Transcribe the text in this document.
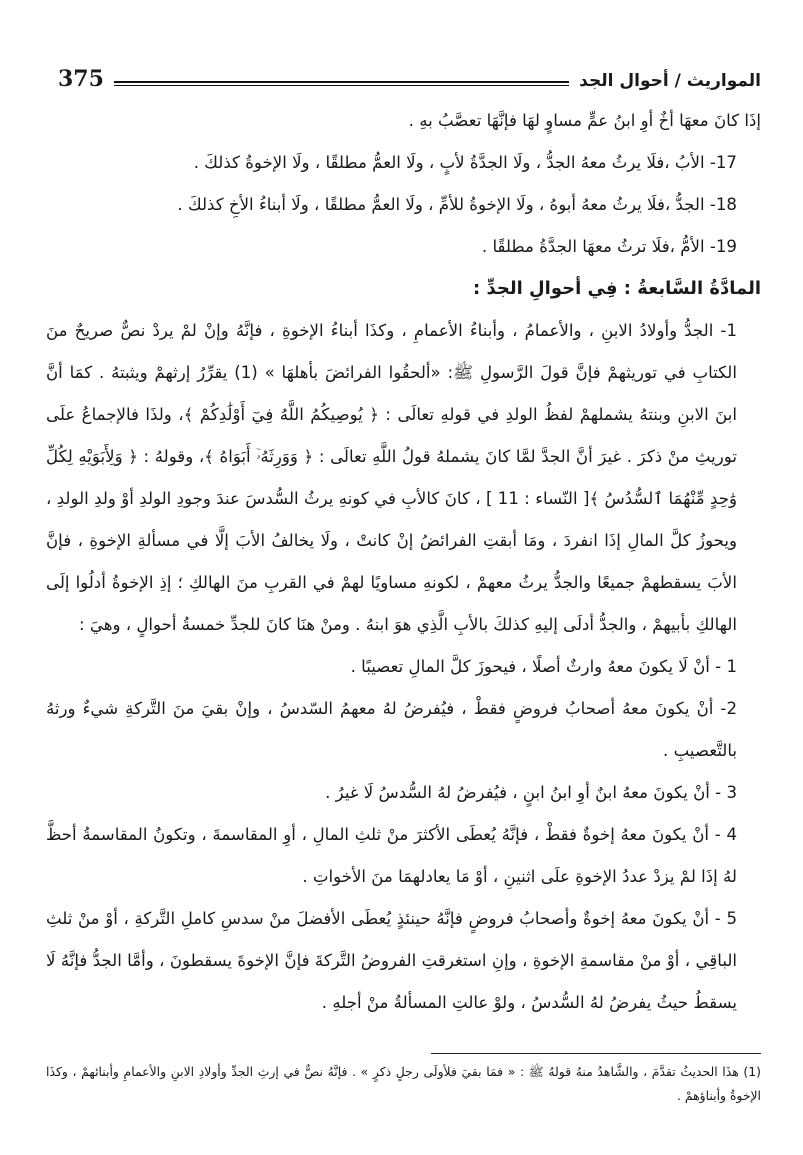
375	المواريث / أحوال الجد

إذَا كانَ معهَا أخٌ أوِ ابنُ عمٍّ مساوٍ لهَا فإنَّهَا تعصَّبُ بهِ .

17- الأبُ ،فلَا يرثُ معهُ الجدُّ ، ولَا الجدَّةُ لأبٍ ، ولَا العمُّ مطلقًا ، ولَا الإخوةُ كذلكَ .

18- الجدُّ ،فلَا يرثُ معهُ أبوهُ ، ولَا الإخوةُ للأمِّ ، ولَا العمُّ مطلقًا ، ولَا أبناءُ الأخِ كذلكَ .

19- الأمُّ ،فلَا ترثُ معهَا الجدَّةُ مطلقًا .

المادَّةُ السَّابعةُ : فِي أحوالِ الجدِّ :

1- الجدُّ وأولادُ الابنِ ، والأعمامُ ، وأبناءُ الأعمامِ ، وكذَا أبناءُ الإخوةِ ، فإنَّهُ وإنْ لمْ يردْ نصٌّ صريحٌ منَ الكتابِ في توريثهمْ فإنَّ قولَ الرَّسولِ ﷺ: «ألحقُوا الفرائضَ بأهلهَا » (1) يقرِّرُ إرثهمْ ويثبتهُ . كمَا أنَّ ابنَ الابنِ وبنتهُ يشملهمْ لفظُ الولدِ في قولهِ تعالَى : ﴿ يُوصِيكُمُ اللَّهُ فِيٓ أَوْلَٰدِكُمْ ﴾، ولذَا فالإجماعُ علَى توريثِ منْ ذكرَ . غيرَ أنَّ الجدَّ لمَّا كانَ يشملهُ قولُ اللَّهِ تعالَى : ﴿ وَوَرِثَهُۥٓ أَبَوَاهُ ﴾، وقولهُ : ﴿ وَلِأَبَوَيْهِ لِكُلِّ وَٰحِدٍ مِّنْهُمَا ٱلسُّدُسُ ﴾[ النّساء : 11 ] ، كانَ كالأبِ في كونهِ يرثُ السُّدسَ عندَ وجودِ الولدِ أوْ ولدِ الولدِ ، ويحوزُ كلَّ المالِ إذَا انفردَ ، ومَا أبقتِ الفرائضُ إنْ كانتْ ، ولَا يخالفُ الأبَ إلَّا في مسألةِ الإخوةِ ، فإنَّ الأبَ يسقطهمْ جميعًا والجدُّ يرثُ معهمْ ، لكونهِ مساويًا لهمْ في القربِ منَ الهالكِ ؛ إذِ الإخوةُ أدلُوا إلَى الهالكِ بأبيهمْ ، والجدُّ أدلَى إليهِ كذلكَ بالأبِ الَّذِي هوَ ابنهُ . ومنْ هنَا كانَ للجدِّ خمسةُ أحوالٍ ، وهيَ :

1 - أنْ لَا يكونَ معهُ وارثٌ أصلًا ، فيحوزَ كلَّ المالِ تعصيبًا .

2- أنْ يكونَ معهُ أصحابُ فروضٍ فقطْ ، فيُفرضُ لهُ معهمُ السّدسُ ، وإنْ بقيَ منَ التَّركةِ شيءٌ ورثهُ بالتَّعصيبِ .

3 - أنْ يكونَ معهُ ابنٌ أوِ ابنُ ابنٍ ، فيُفرضُ لهُ السُّدسُ لَا غيرُ .

4 - أنْ يكونَ معهُ إخوةٌ فقطْ ، فإنَّهُ يُعطَى الأكثرَ منْ ثلثِ المالِ ، أوِ المقاسمةَ ، وتكونُ المقاسمةُ أحظَّ لهُ إذَا لمْ يزدْ عددُ الإخوةِ علَى اثنينِ ، أوْ مَا يعادلهمَا منَ الأخواتِ .

5 - أنْ يكونَ معهُ إخوةٌ وأصحابُ فروضٍ فإنَّهُ حينئذٍ يُعطَى الأفضلَ منْ سدسِ كاملِ التَّركةِ ، أوْ منْ ثلثِ الباقِي ، أوْ منْ مقاسمةِ الإخوةِ ، وإنِ استغرقتِ الفروضُ التَّركةَ فإنَّ الإخوةَ يسقطونَ ، وأمَّا الجدُّ فإنَّهُ لَا يسقطُ حيثُ يفرضُ لهُ السُّدسُ ، ولوْ عالتِ المسألةُ منْ أجلهِ .

(1) هذَا الحديثُ تقدَّمَ ، والشَّاهدُ منهُ قولهُ ﷺ : « فمَا بقيَ فلأولَى رجلٍ ذكرٍ » . فإنَّهُ نصٌّ في إرثِ الجدِّ وأولادِ الابنِ والأعمامِ وأبنائهمْ ، وكذَا الإخوةُ وأبناؤهمْ .
